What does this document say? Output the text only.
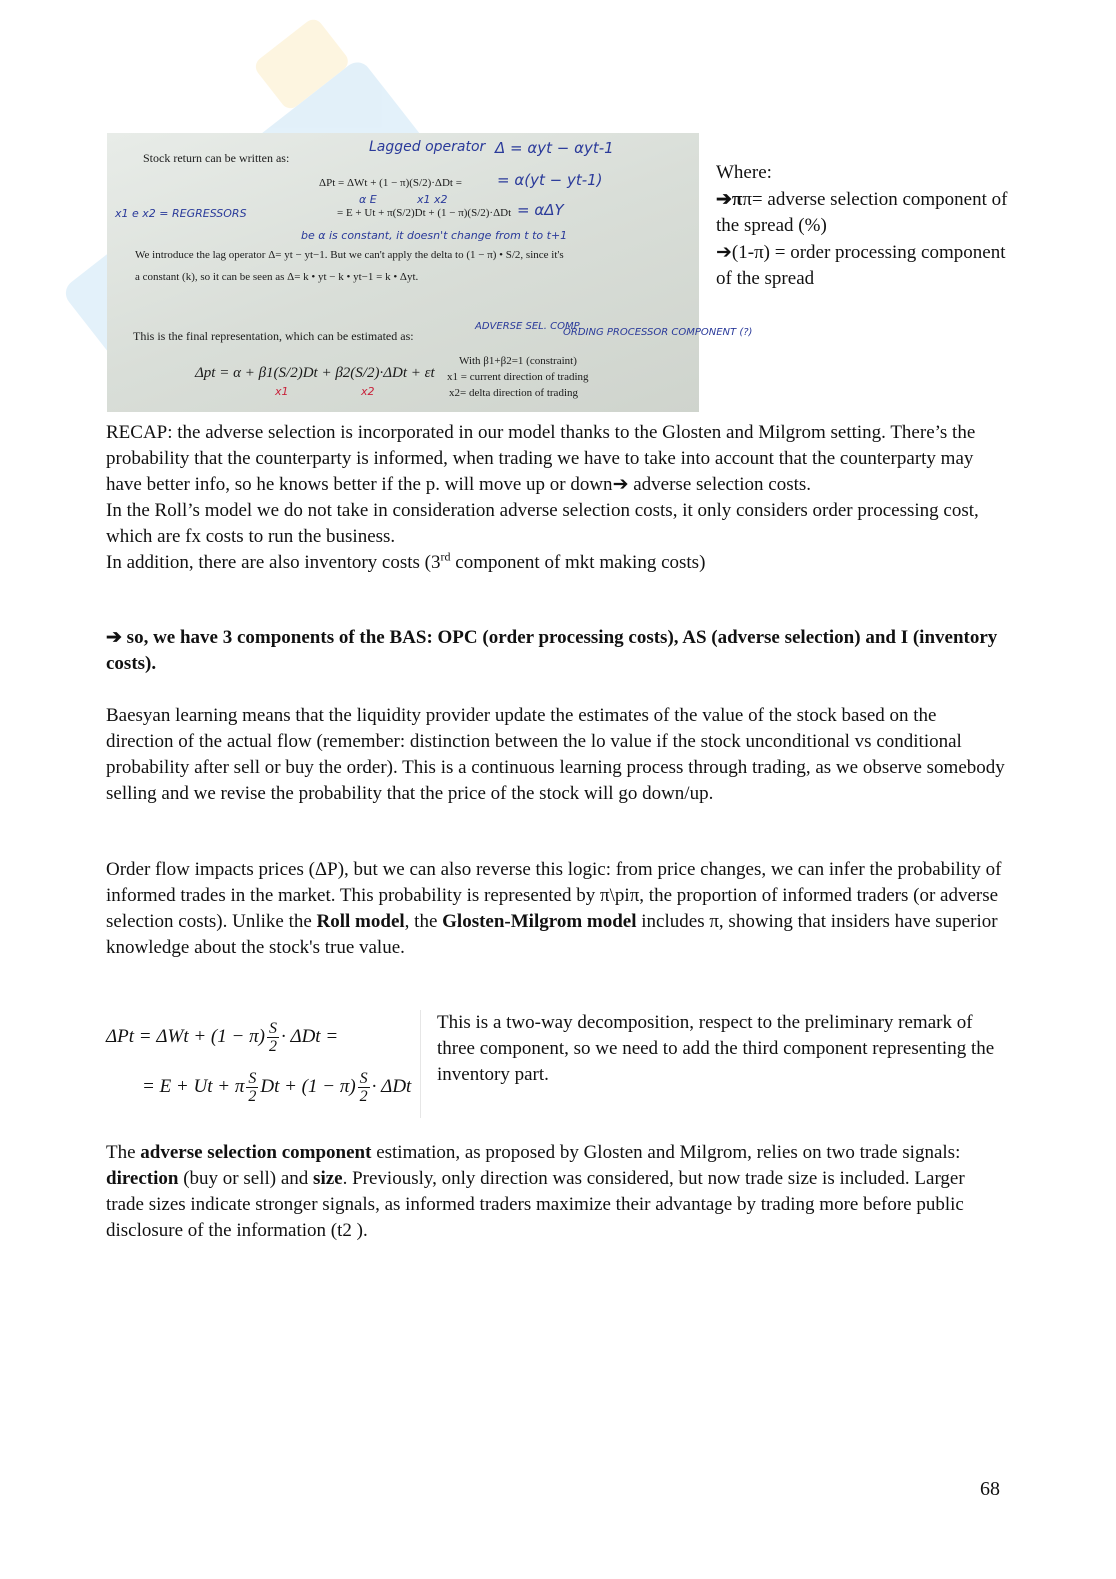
Stock return can be written as:
Lagged operator Δ = αyt − αyt-1
ΔPt = ΔWt + (1 − π)(S/2)·ΔDt = = α(yt − yt-1)
α E	x1 x2
x1 e x2 = REGRESSORS	= E + Ut + π(S/2)Dt + (1 − π)(S/2)·ΔDt = αΔY
be α is constant, it doesn't change from t to t+1
We introduce the lag operator Δ= yt − yt−1. But we can't apply the delta to (1 − π) • S/2, since it's
a constant (k), so it can be seen as Δ= k • yt − k • yt−1 = k • Δyt.
This is the final representation, which can be estimated as:
ADVERSE SEL. COMP.
ORDING PROCESSOR COMPONENT (?)
Δpt = α + β1(S/2)Dt + β2(S/2)·ΔDt + εt
x1	x2
With β1+β2=1 (constraint)
x1 = current direction of trading
x2= delta direction of trading

Where:

➔ππ= adverse selection component of the spread (%)

➔(1-π) = order processing component of the spread

RECAP: the adverse selection is incorporated in our model thanks to the Glosten and Milgrom setting. There’s the probability that the counterparty is informed, when trading we have to take into account that the counterparty may have better info, so he knows better if the p. will move up or down➔ adverse selection costs.

In the Roll’s model we do not take in consideration adverse selection costs, it only considers order processing cost, which are fx costs to run the business.

In addition, there are also inventory costs (3rd component of mkt making costs)

➔ so, we have 3 components of the BAS: OPC (order processing costs), AS (adverse selection) and I (inventory costs).

Baesyan learning means that the liquidity provider update the estimates of the value of the stock based on the direction of the actual flow (remember: distinction between the lo value if the stock unconditional vs conditional probability after sell or buy the order). This is a continuous learning process through trading, as we observe somebody selling and we revise the probability that the price of the stock will go down/up.

Order flow impacts prices (ΔP), but we can also reverse this logic: from price changes, we can infer the probability of informed trades in the market. This probability is represented by π\piπ, the proportion of informed traders (or adverse selection costs). Unlike the Roll model, the Glosten-Milgrom model includes π, showing that insiders have superior knowledge about the stock's true value.

$\Delta Pt = \Delta Wt + (1 - \pi) \frac{S}{2} \cdot \Delta Dt$ =
= E + Ut + π $\frac{S}{2}$ $Dt + (1 - \pi) \frac{S}{2} \cdot \Delta Dt$
This is a two-way decomposition, respect to the preliminary remark of three component, so we need to add the third component representing the inventory part.

The adverse selection component estimation, as proposed by Glosten and Milgrom, relies on two trade signals: direction (buy or sell) and size. Previously, only direction was considered, but now trade size is included. Larger trade sizes indicate stronger signals, as informed traders maximize their advantage by trading more before public disclosure of the information (t2 ).

68
